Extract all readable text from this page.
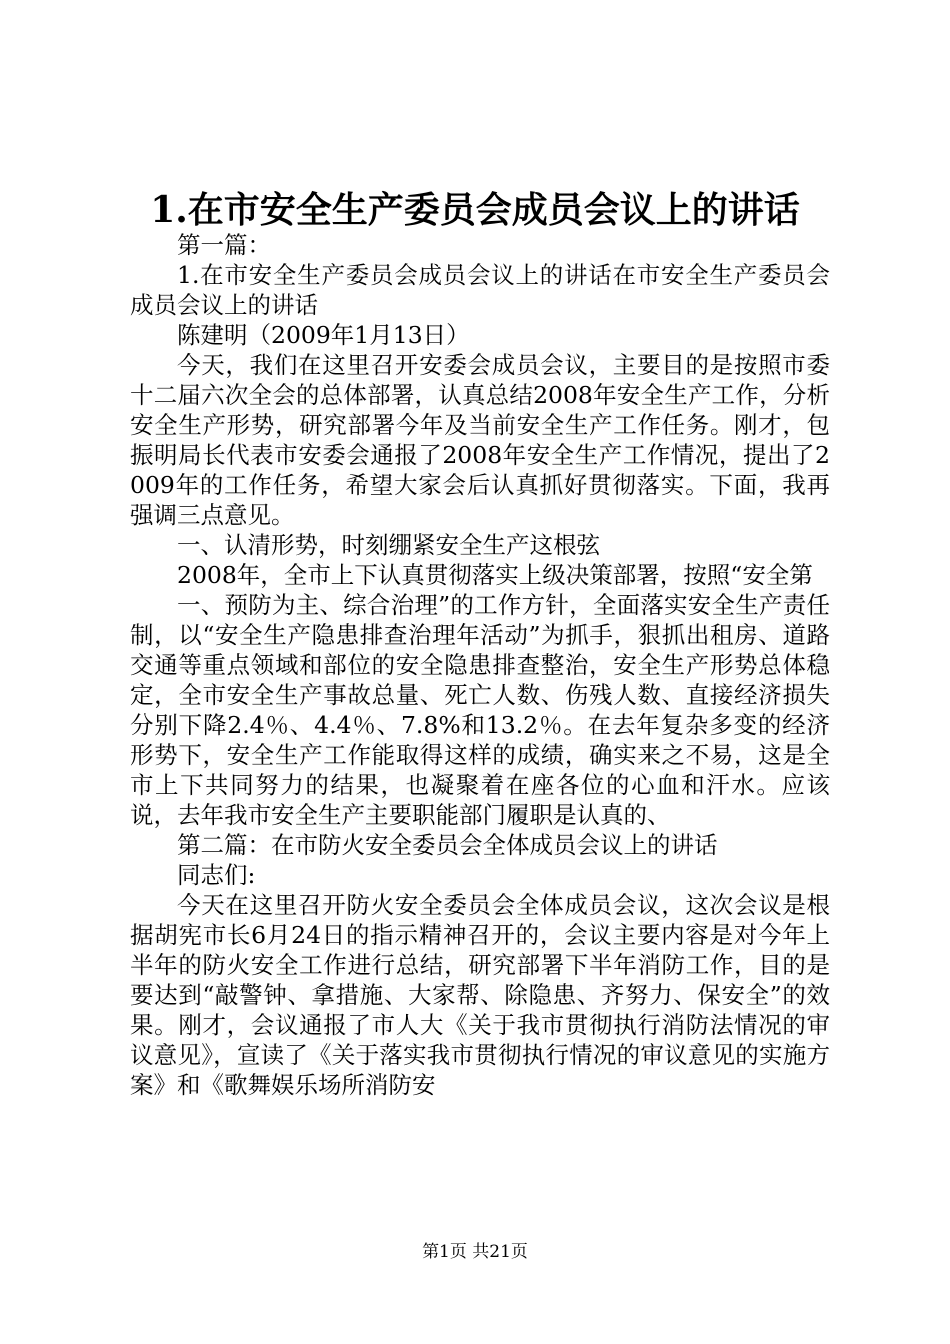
1.在市安全生产委员会成员会议上的讲话

第一篇：

1.在市安全生产委员会成员会议上的讲话在市安全生产委员会成员会议上的讲话

陈建明（2009年1月13日）

今天，我们在这里召开安委会成员会议，主要目的是按照市委十二届六次全会的总体部署，认真总结2008年安全生产工作，分析安全生产形势，研究部署今年及当前安全生产工作任务。刚才，包振明局长代表市安委会通报了2008年安全生产工作情况，提出了2009年的工作任务，希望大家会后认真抓好贯彻落实。下面，我再强调三点意见。

一、认清形势，时刻绷紧安全生产这根弦

2008年，全市上下认真贯彻落实上级决策部署，按照“安全第

一、预防为主、综合治理”的工作方针，全面落实安全生产责任制，以“安全生产隐患排查治理年活动”为抓手，狠抓出租房、道路交通等重点领域和部位的安全隐患排查整治，安全生产形势总体稳定，全市安全生产事故总量、死亡人数、伤残人数、直接经济损失分别下降2.4％、4.4％、7.8%和13.2％。在去年复杂多变的经济形势下，安全生产工作能取得这样的成绩，确实来之不易，这是全市上下共同努力的结果，也凝聚着在座各位的心血和汗水。应该说，去年我市安全生产主要职能部门履职是认真的、

第二篇：在市防火安全委员会全体成员会议上的讲话

同志们:

今天在这里召开防火安全委员会全体成员会议，这次会议是根据胡宪市长6月24日的指示精神召开的，会议主要内容是对今年上半年的防火安全工作进行总结，研究部署下半年消防工作，目的是要达到“敲警钟、拿措施、大家帮、除隐患、齐努力、保安全”的效果。刚才，会议通报了市人大《关于我市贯彻执行消防法情况的审议意见》，宣读了《关于落实我市贯彻执行情况的审议意见的实施方案》和《歌舞娱乐场所消防安

第1页 共21页
